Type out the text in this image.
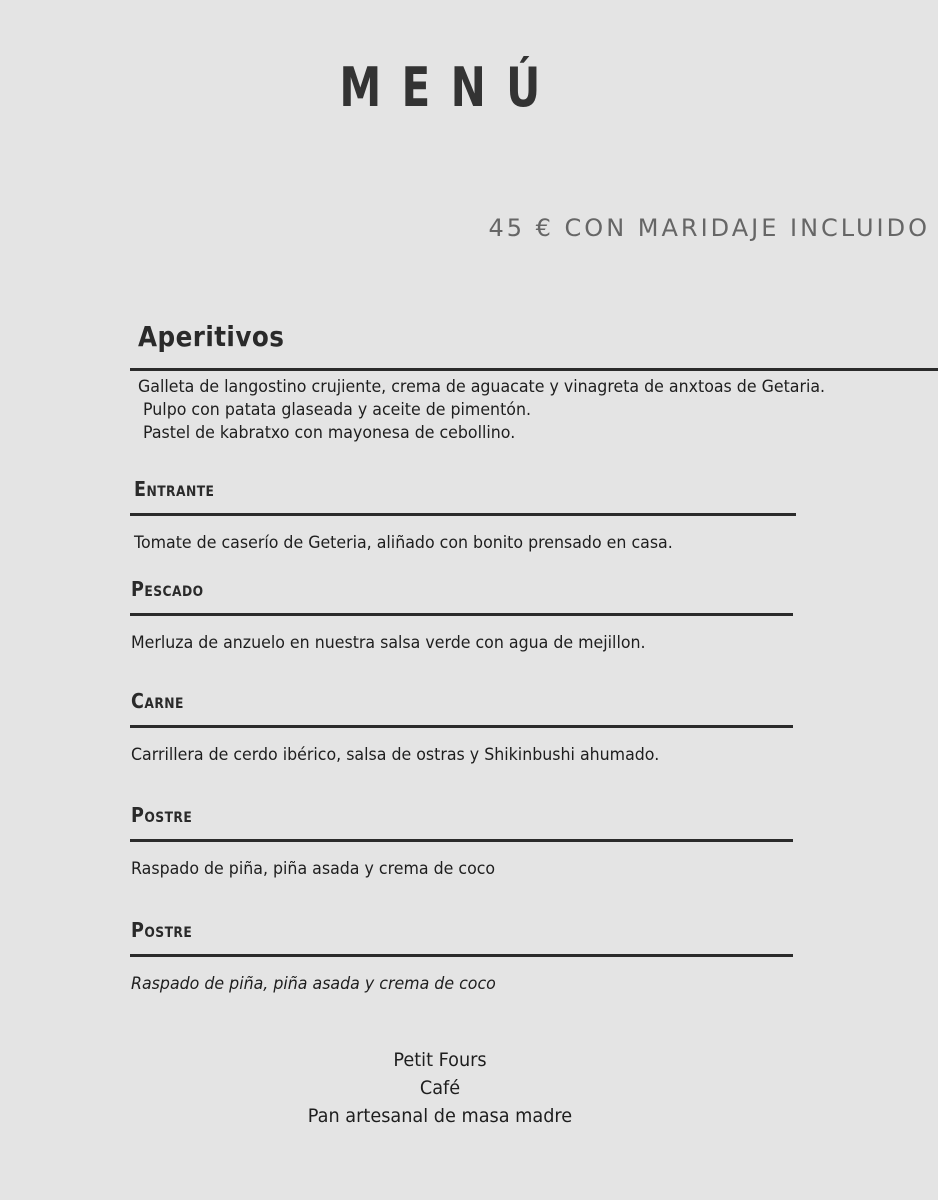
MENÚ
45 € CON MARIDAJE INCLUIDO
Aperitivos
Galleta de langostino crujiente, crema de aguacate y vinagreta de anxtoas de Getaria.
Pulpo con patata glaseada y aceite de pimentón.
Pastel de kabratxo con mayonesa de cebollino.
Entrante
Tomate de caserío de Geteria, aliñado con bonito prensado en casa.
Pescado
Merluza de anzuelo en nuestra salsa verde con agua de mejillon.
Carne
Carrillera de cerdo ibérico, salsa de ostras y Shikinbushi ahumado.
Postre
Raspado de piña, piña asada y crema de coco
Postre
Raspado de piña, piña asada y crema de coco
Petit Fours
Café
Pan artesanal de masa madre
